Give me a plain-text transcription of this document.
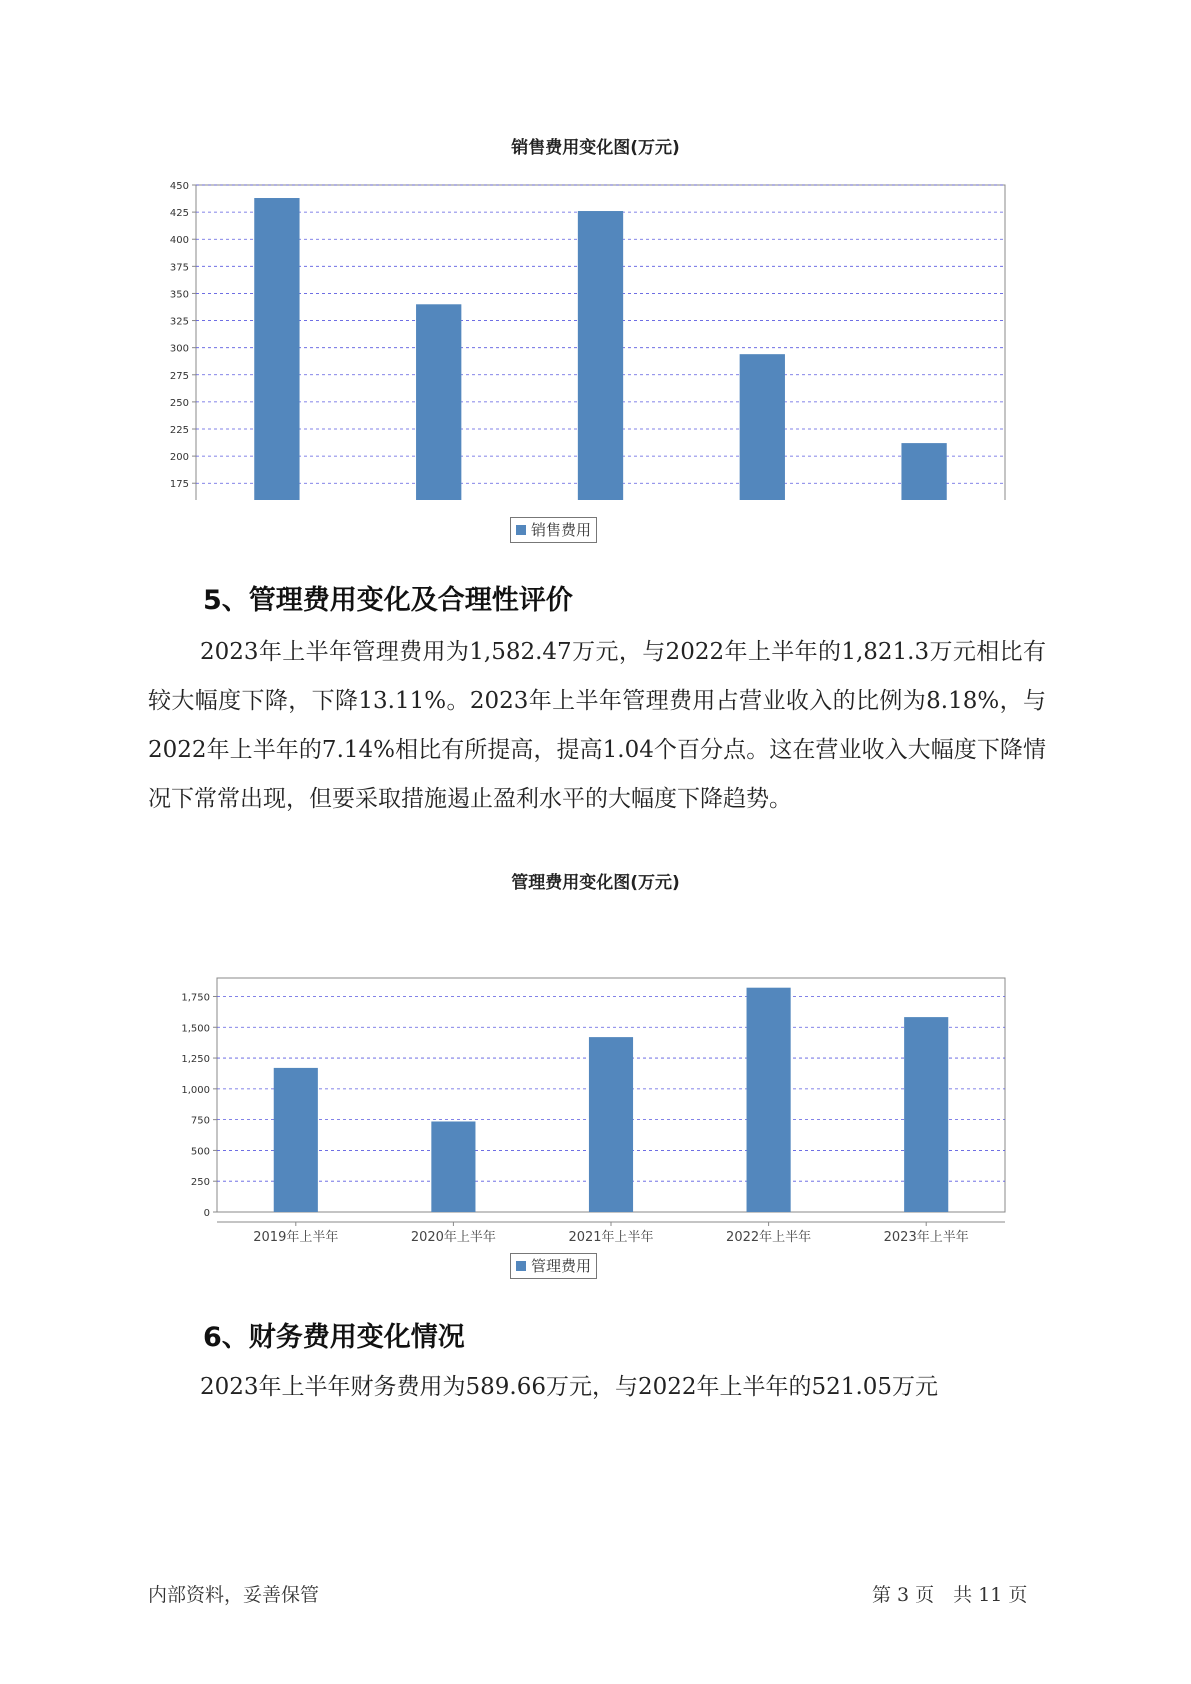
销售费用变化图(万元)
175
200
225
250
275
300
325
350
375
400
425
450
销售费用
5、管理费用变化及合理性评价

2023年上半年管理费用为1,582.47万元，与2022年上半年的1,821.3万元相比有较大幅度下降，下降13.11%。2023年上半年管理费用占营业收入的比例为8.18%，与2022年上半年的7.14%相比有所提高，提高1.04个百分点。这在营业收入大幅度下降情况下常常出现，但要采取措施遏止盈利水平的大幅度下降趋势。

管理费用变化图(万元)
0
250
500
750
1,000
1,250
1,500
1,750
2019年上半年	2020年上半年	2021年上半年	2022年上半年	2023年上半年
管理费用
6、财务费用变化情况

2023年上半年财务费用为589.66万元，与2022年上半年的521.05万元

内部资料，妥善保管	第 3 页　共 11 页
